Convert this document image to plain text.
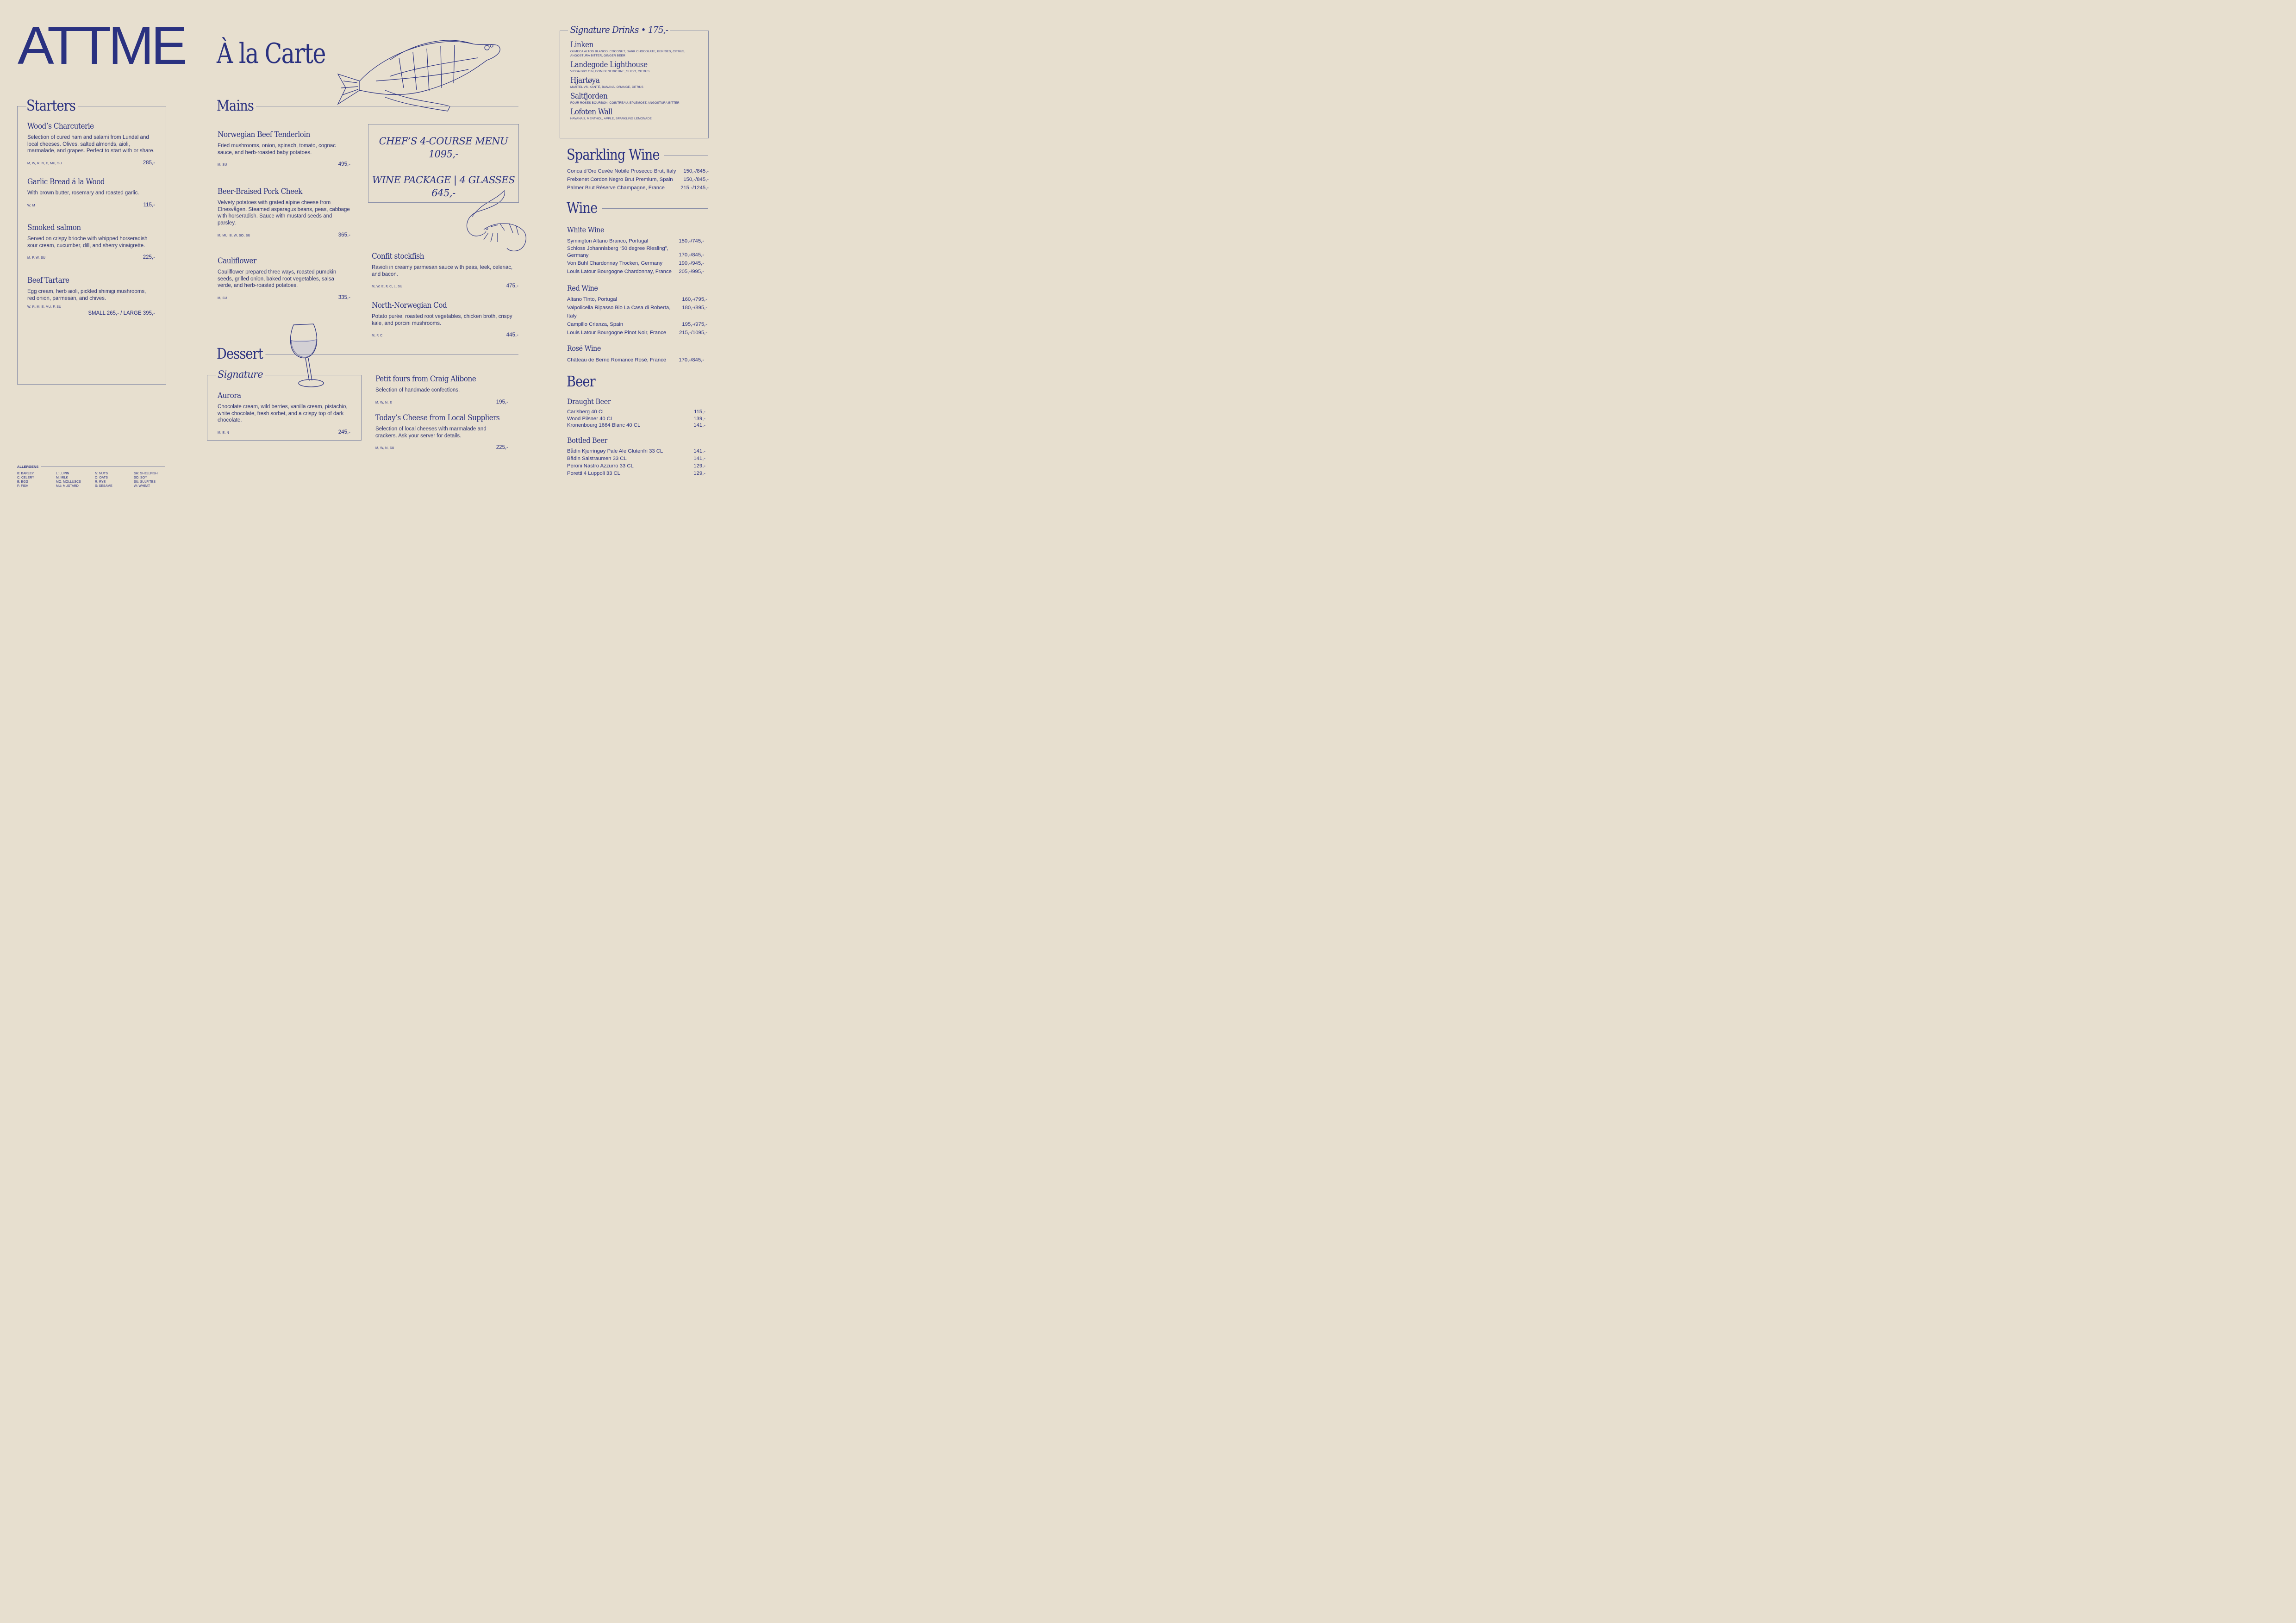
ATTME À la Carte
Starters
Wood’s Charcuterie
Selection of cured ham and salami from Lundal and local cheeses. Olives, salted almonds, aioli, marmalade, and grapes. Perfect to start with or share.
M, W, R, N, E, MU, SU	285,-
Garlic Bread á la Wood
With brown butter, rosemary and roasted garlic.
W, M	115,-
Smoked salmon
Served on crispy brioche with whipped horseradish sour cream, cucumber, dill, and sherry vinaigrette.
M, F, W, SU	225,-
Beef Tartare
Egg cream, herb aioli, pickled shimigi mushrooms, red onion, parmesan, and chives.
W, R, M, E, MU, F, SU
SMALL 265,- / LARGE 395,-
ALLERGENS
B: BARLEY
C: CELERY
E: EGG
F: FISH
L: LUPIN
M: MILK
MO: MOLLUSCS
MU: MUSTARD
N: NUTS
O: OATS
R: RYE
S: SESAME
SH: SHELLFISH
SO: SOY
SU: SULFITES
W: WHEAT
Mains
Norwegian Beef Tenderloin
Fried mushrooms, onion, spinach, tomato, cognac sauce, and herb-roasted baby potatoes.
M, SU	495,-
Beer-Braised Pork Cheek
Velvety potatoes with grated alpine cheese from Elnesvågen. Steamed asparagus beans, peas, cabbage with horseradish. Sauce with mustard seeds and parsley.
M, MU, B, W, SO, SU	365,-
Cauliflower
Cauliflower prepared three ways, roasted pumpkin seeds, grilled onion, baked root vegetables, salsa verde, and herb-roasted potatoes.
M, SU	335,-
Confit stockfish
Ravioli in creamy parmesan sauce with peas, leek, celeriac, and bacon.
M, W, E, F, C, L, SU	475,-
North-Norwegian Cod
Potato purée, roasted root vegetables, chicken broth, crispy kale, and porcini mushrooms.
M, F, C	445,-
CHEF’S 4-COURSE MENU
1095,-
WINE PACKAGE | 4 GLASSES
645,-
Dessert
Signature
Aurora
Chocolate cream, wild berries, vanilla cream, pistachio, white chocolate, fresh sorbet, and a crispy top of dark chocolate.
M, E, N	245,-
Petit fours from Craig Alibone
Selection of handmade confections.
M, W, N, E	195,-
Today’s Cheese from Local Suppliers
Selection of local cheeses with marmalade and crackers. Ask your server for details.
M, W, N, SU	225,-
Signature Drinks • 175,-
Linken
OLMECA ALTOS BLANCO, COCONUT, DARK CHOCOLATE, BERRIES, CITRUS, ANGOSTURA BITTER, GINGER BEER
Landegode Lighthouse
VIDDA DRY GIN, DOM BENEDICTINE, SHISO, CITRUS
Hjartøya
MARTEL VS, XANTÉ, BANANA, ORANGE, CITRUS
Saltfjorden
FOUR ROSES BOURBON, COINTREAU, EPLEMOST, ANGOSTURA BITTER
Lofoten Wall
HAVANA 3, MENTHOL, APPLE, SPARKLING LEMONADE
Sparkling Wine
Conca d’Oro Cuvée Nobile Prosecco Brut, Italy 150,-/845,-
Freixenet Cordon Negro Brut Premium, Spain 150,-/845,-
Palmer Brut Réserve Champagne, France	215,-/1245,-
Wine
White Wine
Symington Altano Branco, Portugal	150,-/745,-
Schloss Johannisberg “50 degree Riesling”, Germany	170,-/845,-
Von Buhl Chardonnay Trocken, Germany	190,-/945,-
Louis Latour Bourgogne Chardonnay, France 205,-/995,-
Red Wine
Altano Tinto, Portugal	160,-/795,-
Valpolicella Ripasso Bio La Casa di Roberta, Italy
180,-/895,-
Campillo Crianza, Spain	195,-/975,-
Louis Latour Bourgogne Pinot Noir, France 215,-/1095,-
Rosé Wine
Château de Berne Romance Rosé, France 170,-/845,-
Beer
Draught Beer
Carlsberg 40 CL	115,-
Wood Pilsner 40 CL	139,-
Kronenbourg 1664 Blanc 40 CL	141,-
Bottled Beer
Bådin Kjerringøy Pale Ale Glutenfri 33 CL	141,-
Bådin Salstraumen 33 CL	141,-
Peroni Nastro Azzurro 33 CL	129,-
Poretti 4 Luppoli 33 CL	129,-
